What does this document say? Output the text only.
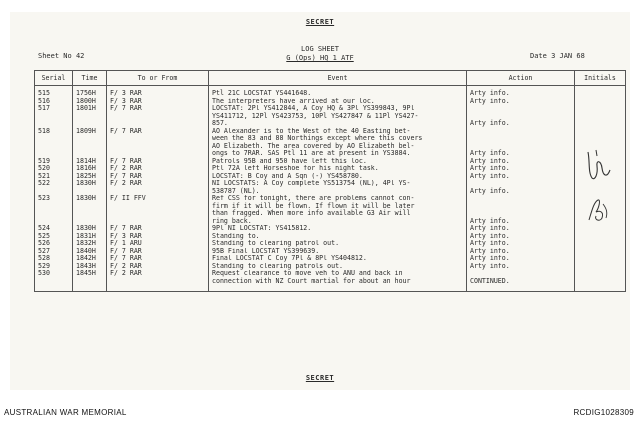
SECRET
Sheet No 42
LOG SHEET
G (Ops) HQ 1 ATF	Date 3 JAN 68
Serial	Time	To or From	Event	Action	Initials
515	1756H	F/ 3 RAR	Ptl 21C LOCSTAT YS441648.	Arty info.	
516	1800H	F/ 3 RAR	The interpreters have arrived at our loc.	Arty info.	
517	1801H	F/ 7 RAR	LOCSTAT: 2Pl YS412844, A Coy HQ & 3Pl YS399843, 9Pl
YS411712, 12Pl YS423753, 10Pl YS427847 & 11Pl YS427-
857.	

Arty info.	
518	1809H	F/ 7 RAR	AO Alexander is to the West of the 40 Easting bet-
ween the 83 and 88 Northings except where this covers
AO Elizabeth. The area covered by AO Elizabeth bel-
ongs to 7RAR. SAS Ptl 11 are at present in YS3884.	

Arty info.	
519	1814H	F/ 7 RAR	Patrols 95B and 950 have left this loc.	Arty info.	
520	1816H	F/ 2 RAR	Ptl 72A left Horseshoe for his night task.	Arty info.	
521	1825H	F/ 7 RAR	LOCSTAT: B Coy and A Sqn (-) YS458780.	Arty info.	
522	1830H	F/ 2 RAR	NI LOCSTATS: A Coy complete YS513754 (NL), 4Pl YS-
538787 (NL).	
Arty info.	
523	1830H	F/ II FFV	Ref CSS for tonight, there are problems cannot con-
firm if it will be flown. If flown it will be later
than fragged. When more info available G3 Air will
ring back.	

Arty info.	
524	1830H	F/ 7 RAR	9Pl NI LOCSTAT: YS415812.	Arty info.	
525	1831H	F/ 3 RAR	Standing to.	Arty info.	
526	1832H	F/ 1 ARU	Standing to clearing patrol out.	Arty info.	
527	1840H	F/ 7 RAR	95B Final LOCSTAT YS399639.	Arty info.	
528	1842H	F/ 7 RAR	Final LOCSTAT C Coy 7Pl & 8Pl YS404812.	Arty info.	
529	1843H	F/ 2 RAR	Standing to clearing patrols out.	Arty info.	
530	1845H	F/ 2 RAR	Request clearance to move veh to ANU and back in
connection with NZ Court martial for about an hour	
CONTINUED.	
SECRET
AUSTRALIAN WAR MEMORIAL	RCDIG1028309
